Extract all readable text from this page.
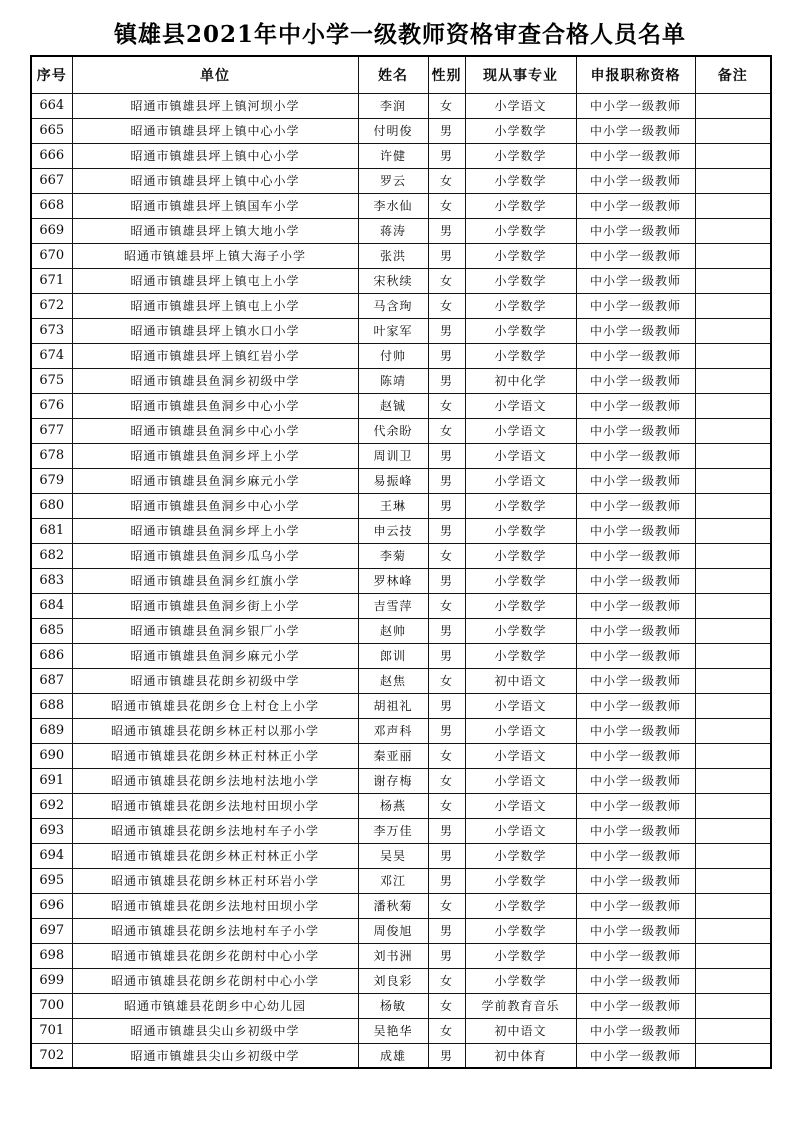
镇雄县2021年中小学一级教师资格审查合格人员名单
序号	单位	姓名	性别	现从事专业	申报职称资格	备注
664	昭通市镇雄县坪上镇河坝小学	李润	女	小学语文	中小学一级教师	
665	昭通市镇雄县坪上镇中心小学	付明俊	男	小学数学	中小学一级教师	
666	昭通市镇雄县坪上镇中心小学	许健	男	小学数学	中小学一级教师	
667	昭通市镇雄县坪上镇中心小学	罗云	女	小学数学	中小学一级教师	
668	昭通市镇雄县坪上镇国车小学	李水仙	女	小学数学	中小学一级教师	
669	昭通市镇雄县坪上镇大地小学	蒋涛	男	小学数学	中小学一级教师	
670	昭通市镇雄县坪上镇大海子小学	张洪	男	小学数学	中小学一级教师	
671	昭通市镇雄县坪上镇屯上小学	宋秋续	女	小学数学	中小学一级教师	
672	昭通市镇雄县坪上镇屯上小学	马含珣	女	小学数学	中小学一级教师	
673	昭通市镇雄县坪上镇水口小学	叶家军	男	小学数学	中小学一级教师	
674	昭通市镇雄县坪上镇红岩小学	付帅	男	小学数学	中小学一级教师	
675	昭通市镇雄县鱼洞乡初级中学	陈靖	男	初中化学	中小学一级教师	
676	昭通市镇雄县鱼洞乡中心小学	赵铖	女	小学语文	中小学一级教师	
677	昭通市镇雄县鱼洞乡中心小学	代余盼	女	小学语文	中小学一级教师	
678	昭通市镇雄县鱼洞乡坪上小学	周训卫	男	小学语文	中小学一级教师	
679	昭通市镇雄县鱼洞乡麻元小学	易振峰	男	小学语文	中小学一级教师	
680	昭通市镇雄县鱼洞乡中心小学	王琳	男	小学数学	中小学一级教师	
681	昭通市镇雄县鱼洞乡坪上小学	申云技	男	小学数学	中小学一级教师	
682	昭通市镇雄县鱼洞乡瓜乌小学	李菊	女	小学数学	中小学一级教师	
683	昭通市镇雄县鱼洞乡红旗小学	罗林峰	男	小学数学	中小学一级教师	
684	昭通市镇雄县鱼洞乡街上小学	吉雪萍	女	小学数学	中小学一级教师	
685	昭通市镇雄县鱼洞乡银厂小学	赵帅	男	小学数学	中小学一级教师	
686	昭通市镇雄县鱼洞乡麻元小学	郎训	男	小学数学	中小学一级教师	
687	昭通市镇雄县花朗乡初级中学	赵焦	女	初中语文	中小学一级教师	
688	昭通市镇雄县花朗乡仓上村仓上小学	胡祖礼	男	小学语文	中小学一级教师	
689	昭通市镇雄县花朗乡林正村以那小学	邓声科	男	小学语文	中小学一级教师	
690	昭通市镇雄县花朗乡林正村林正小学	秦亚丽	女	小学语文	中小学一级教师	
691	昭通市镇雄县花朗乡法地村法地小学	谢存梅	女	小学语文	中小学一级教师	
692	昭通市镇雄县花朗乡法地村田坝小学	杨燕	女	小学语文	中小学一级教师	
693	昭通市镇雄县花朗乡法地村车子小学	李万佳	男	小学语文	中小学一级教师	
694	昭通市镇雄县花朗乡林正村林正小学	吴昊	男	小学数学	中小学一级教师	
695	昭通市镇雄县花朗乡林正村环岩小学	邓江	男	小学数学	中小学一级教师	
696	昭通市镇雄县花朗乡法地村田坝小学	潘秋菊	女	小学数学	中小学一级教师	
697	昭通市镇雄县花朗乡法地村车子小学	周俊旭	男	小学数学	中小学一级教师	
698	昭通市镇雄县花朗乡花朗村中心小学	刘书洲	男	小学数学	中小学一级教师	
699	昭通市镇雄县花朗乡花朗村中心小学	刘良彩	女	小学数学	中小学一级教师	
700	昭通市镇雄县花朗乡中心幼儿园	杨敏	女	学前教育音乐	中小学一级教师	
701	昭通市镇雄县尖山乡初级中学	吴艳华	女	初中语文	中小学一级教师	
702	昭通市镇雄县尖山乡初级中学	成雄	男	初中体育	中小学一级教师	
